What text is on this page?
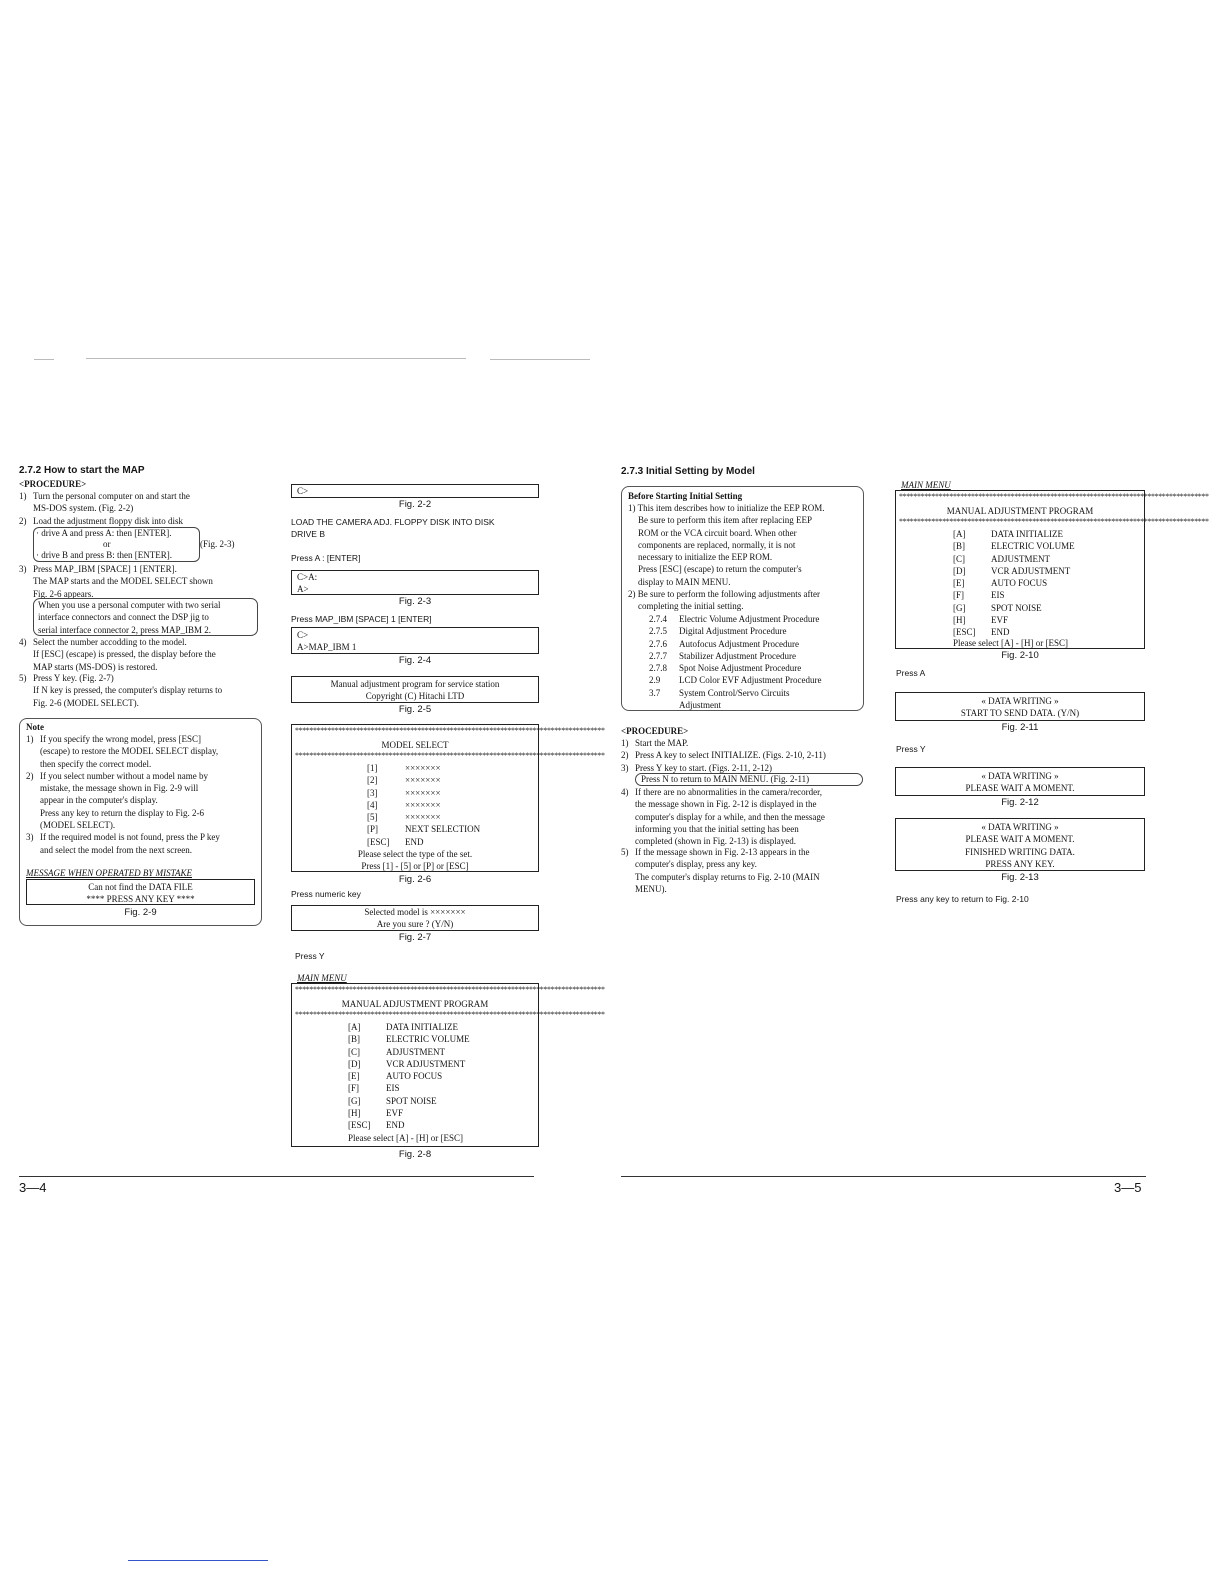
2.7.2 How to start the MAP
<PROCEDURE>
1) Turn the personal computer on and start the
MS-DOS system. (Fig. 2-2)
2) Load the adjustment floppy disk into disk
· drive A and press A: then [ENTER].
or	(Fig. 2-3)
· drive B and press B: then [ENTER].
3) Press MAP_IBM [SPACE] 1 [ENTER].
The MAP starts and the MODEL SELECT shown
Fig. 2-6 appears.
When you use a personal computer with two serial
interface connectors and connect the DSP jig to
serial interface connector 2, press MAP_IBM 2.
4) Select the number accodding to the model.
If [ESC] (escape) is pressed, the display before the
MAP starts (MS-DOS) is restored.
5) Press Y key. (Fig. 2-7)
If N key is pressed, the computer's display returns to
Fig. 2-6 (MODEL SELECT).
Note
1) If you specify the wrong model, press [ESC]
(escape) to restore the MODEL SELECT display,
then specify the correct model.
2) If you select number without a model name by
mistake, the message shown in Fig. 2-9 will
appear in the computer's display.
Press any key to return the display to Fig. 2-6
(MODEL SELECT).
3) If the required model is not found, press the P key
and select the model from the next screen.
MESSAGE WHEN OPERATED BY MISTAKE
Can not find the DATA FILE
**** PRESS ANY KEY ****
Fig. 2-9
3—4
C>
Fig. 2-2
LOAD THE CAMERA ADJ. FLOPPY DISK INTO DISK
DRIVE B
Press A : [ENTER]
C>A:
A>
Fig. 2-3
Press MAP_IBM [SPACE] 1 [ENTER]
C>
A>MAP_IBM 1
Fig. 2-4
Manual adjustment program for service station
Copyright (C) Hitachi LTD
Fig. 2-5
**************************************************************************************
MODEL SELECT
**************************************************************************************
[1]	×××××××
[2]	×××××××
[3]	×××××××
[4]	×××××××
[5]	×××××××
[P]	NEXT SELECTION
[ESC] END
Please select the type of the set.
Press [1] - [5] or [P] or [ESC]
Fig. 2-6
Press numeric key
Selected model is ×××××××
Are you sure ? (Y/N)
Fig. 2-7
Press Y
MAIN MENU
**************************************************************************************
MANUAL ADJUSTMENT PROGRAM
**************************************************************************************
[A]	DATA INITIALIZE
[B]	ELECTRIC VOLUME
[C]	ADJUSTMENT
[D]	VCR ADJUSTMENT
[E]	AUTO FOCUS
[F]	EIS
[G]	SPOT NOISE
[H]	EVF
[ESC] END
Please select [A] - [H] or [ESC]
Fig. 2-8
2.7.3 Initial Setting by Model
Before Starting Initial Setting
1) This item describes how to initialize the EEP ROM.
Be sure to perform this item after replacing EEP
ROM or the VCA circuit board. When other
components are replaced, normally, it is not
necessary to initialize the EEP ROM.
Press [ESC] (escape) to return the computer's
display to MAIN MENU.
2) Be sure to perform the following adjustments after
completing the initial setting.
2.7.4	Electric Volume Adjustment Procedure
2.7.5	Digital Adjustment Procedure
2.7.6	Autofocus Adjustment Procedure
2.7.7	Stabilizer Adjustment Procedure
2.7.8	Spot Noise Adjustment Procedure
2.9	LCD Color EVF Adjustment Procedure
3.7	System Control/Servo Circuits
Adjustment
<PROCEDURE>
1) Start the MAP.
2) Press A key to select INITIALIZE. (Figs. 2-10, 2-11)
3) Press Y key to start. (Figs. 2-11, 2-12)
Press N to return to MAIN MENU. (Fig. 2-11)
4) If there are no abnormalities in the camera/recorder,
the message shown in Fig. 2-12 is displayed in the
computer's display for a while, and then the message
informing you that the initial setting has been
completed (shown in Fig. 2-13) is displayed.
5) If the message shown in Fig. 2-13 appears in the
computer's display, press any key.
The computer's display returns to Fig. 2-10 (MAIN
MENU).
MAIN MENU
**************************************************************************************
MANUAL ADJUSTMENT PROGRAM
**************************************************************************************
[A]	DATA INITIALIZE
[B]	ELECTRIC VOLUME
[C]	ADJUSTMENT
[D]	VCR ADJUSTMENT
[E]	AUTO FOCUS
[F]	EIS
[G]	SPOT NOISE
[H]	EVF
[ESC] END
Please select [A] - [H] or [ESC]
Fig. 2-10
Press A
« DATA WRITING »
START TO SEND DATA. (Y/N)
Fig. 2-11
Press Y
« DATA WRITING »
PLEASE WAIT A MOMENT.
Fig. 2-12
« DATA WRITING »
PLEASE WAIT A MOMENT.
FINISHED WRITING DATA.
PRESS ANY KEY.
Fig. 2-13
Press any key to return to Fig. 2-10
3—5
